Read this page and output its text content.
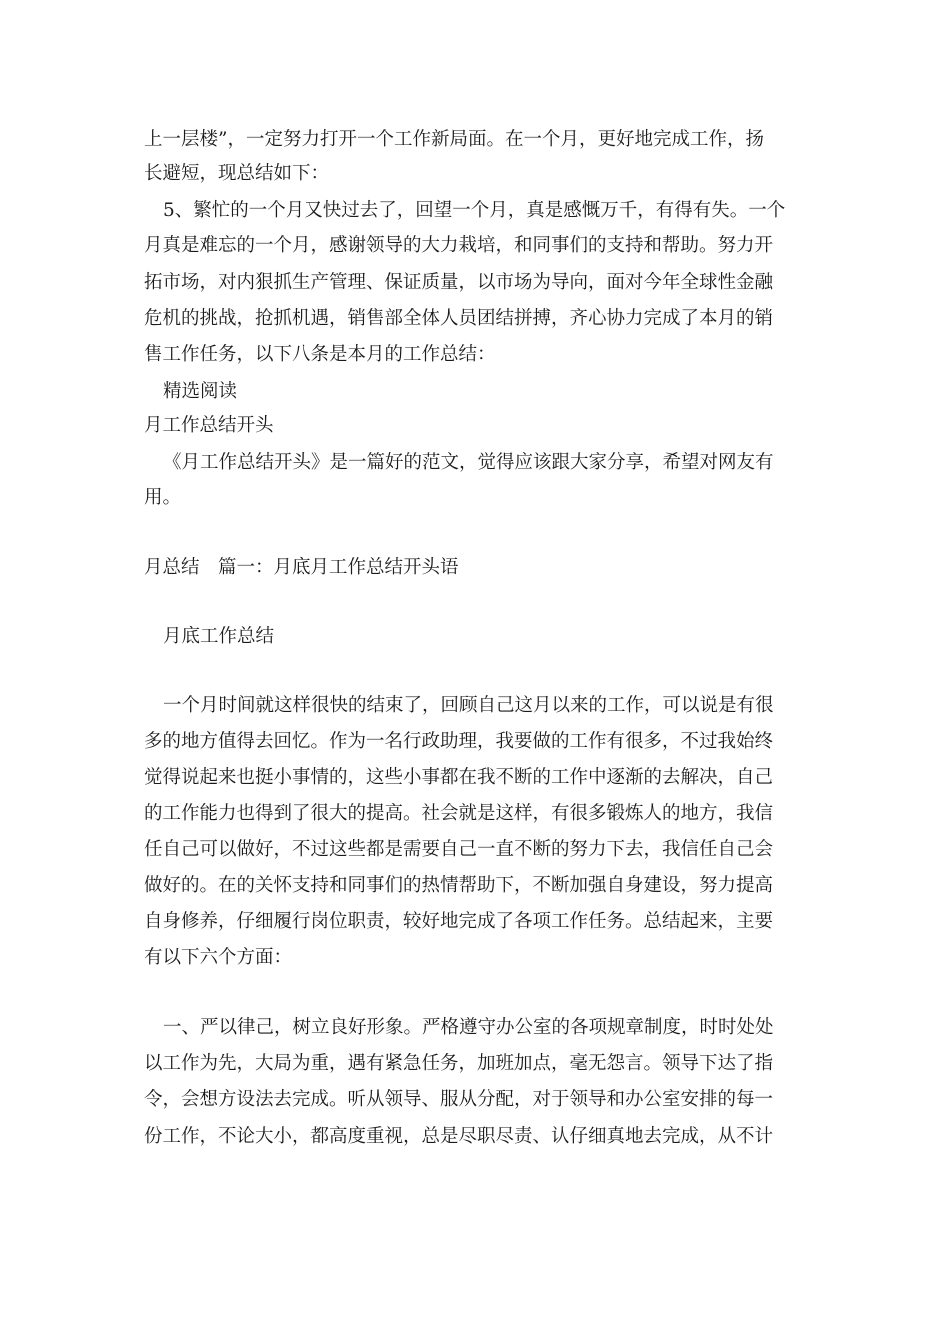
上一层楼”，一定努力打开一个工作新局面。在一个月，更好地完成工作，扬
长避短，现总结如下：
5、繁忙的一个月又快过去了，回望一个月，真是感慨万千，有得有失。一个
月真是难忘的一个月，感谢领导的大力栽培，和同事们的支持和帮助。努力开
拓市场，对内狠抓生产管理、保证质量，以市场为导向，面对今年全球性金融
危机的挑战，抢抓机遇，销售部全体人员团结拼搏，齐心协力完成了本月的销
售工作任务，以下八条是本月的工作总结：
精选阅读
月工作总结开头
《月工作总结开头》是一篇好的范文，觉得应该跟大家分享，希望对网友有
用。
月总结　篇一：月底月工作总结开头语
月底工作总结
一个月时间就这样很快的结束了，回顾自己这月以来的工作，可以说是有很
多的地方值得去回忆。作为一名行政助理，我要做的工作有很多，不过我始终
觉得说起来也挺小事情的，这些小事都在我不断的工作中逐渐的去解决，自己
的工作能力也得到了很大的提高。社会就是这样，有很多锻炼人的地方，我信
任自己可以做好，不过这些都是需要自己一直不断的努力下去，我信任自己会
做好的。在的关怀支持和同事们的热情帮助下，不断加强自身建设，努力提高
自身修养，仔细履行岗位职责，较好地完成了各项工作任务。总结起来，主要
有以下六个方面：
一、严以律己，树立良好形象。严格遵守办公室的各项规章制度，时时处处
以工作为先，大局为重，遇有紧急任务，加班加点，毫无怨言。领导下达了指
令，会想方设法去完成。听从领导、服从分配，对于领导和办公室安排的每一
份工作，不论大小，都高度重视，总是尽职尽责、认仔细真地去完成，从不计
